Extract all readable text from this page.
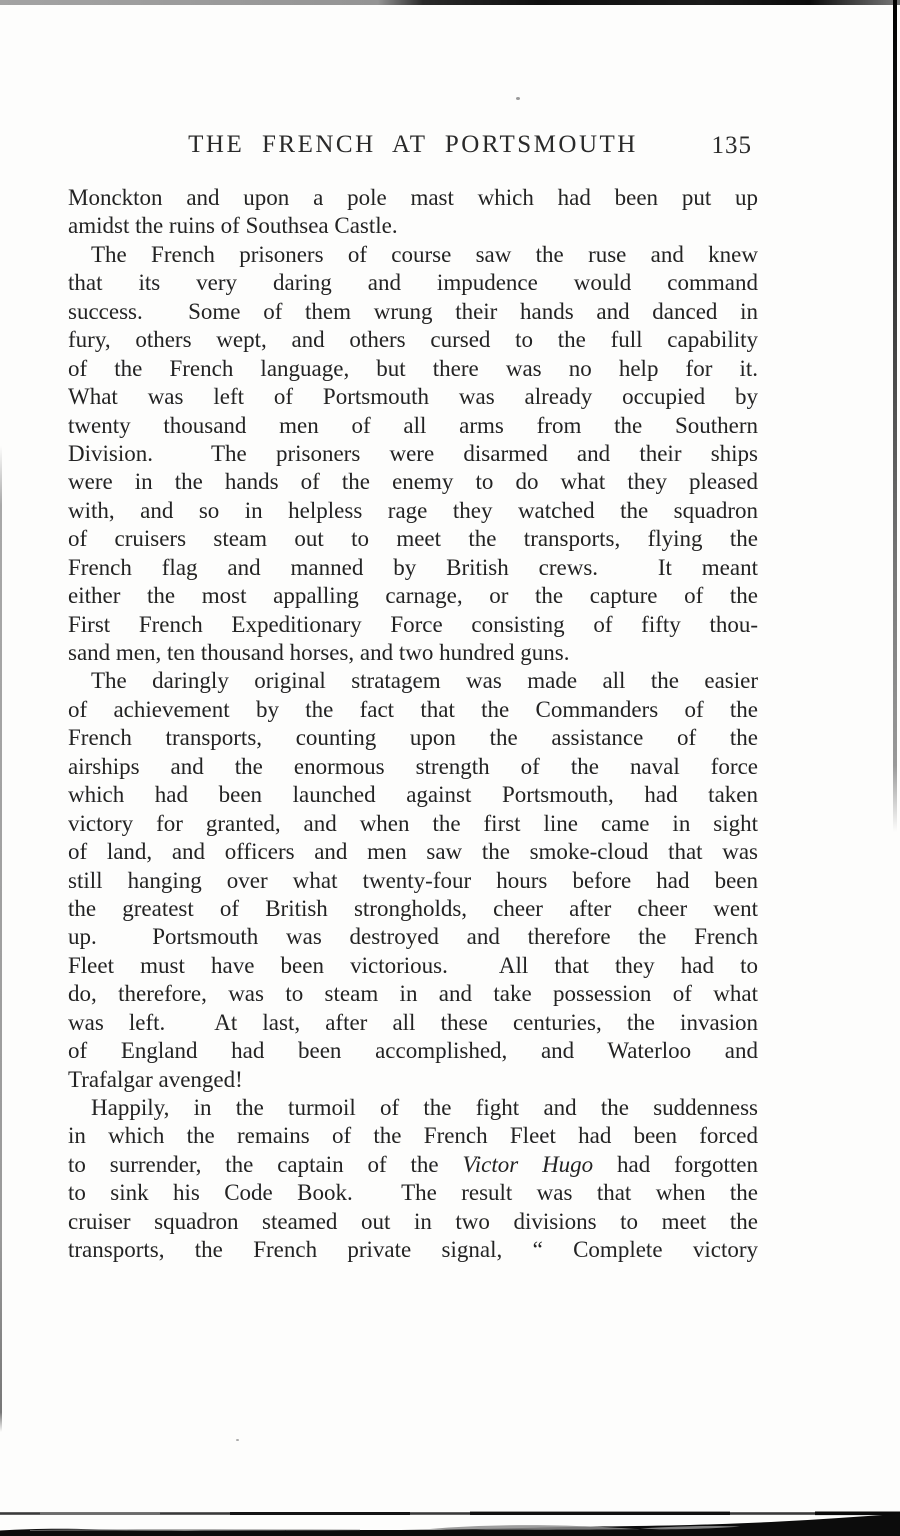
THE FRENCH AT PORTSMOUTH	135
Monckton and upon a pole mast which had been put up
amidst the ruins of Southsea Castle.
The French prisoners of course saw the ruse and knew
that its very daring and impudence would command
success.  Some of them wrung their hands and danced in
fury, others wept, and others cursed to the full capability
of the French language, but there was no help for it.
What was left of Portsmouth was already occupied by
twenty thousand men of all arms from the Southern
Division.  The prisoners were disarmed and their ships
were in the hands of the enemy to do what they pleased
with, and so in helpless rage they watched the squadron
of cruisers steam out to meet the transports, flying the
French flag and manned by British crews.  It meant
either the most appalling carnage, or the capture of the
First French Expeditionary Force consisting of fifty thou-
sand men, ten thousand horses, and two hundred guns.
The daringly original stratagem was made all the easier
of achievement by the fact that the Commanders of the
French transports, counting upon the assistance of the
airships and the enormous strength of the naval force
which had been launched against Portsmouth, had taken
victory for granted, and when the first line came in sight
of land, and officers and men saw the smoke-cloud that was
still hanging over what twenty-four hours before had been
the greatest of British strongholds, cheer after cheer went
up.  Portsmouth was destroyed and therefore the French
Fleet must have been victorious.  All that they had to
do, therefore, was to steam in and take possession of what
was left.  At last, after all these centuries, the invasion
of England had been accomplished, and Waterloo and
Trafalgar avenged!
Happily, in the turmoil of the fight and the suddenness
in which the remains of the French Fleet had been forced
to surrender, the captain of the Victor Hugo had forgotten
to sink his Code Book.  The result was that when the
cruiser squadron steamed out in two divisions to meet the
transports, the French private signal, “ Complete victory
